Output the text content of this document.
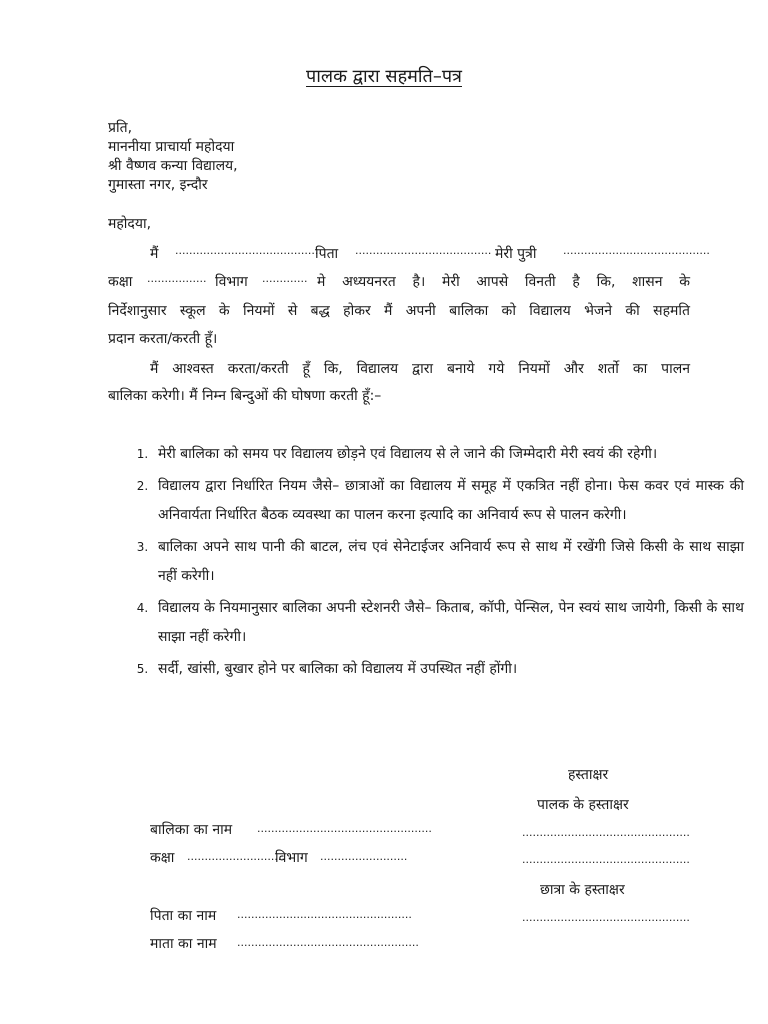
पालक द्वारा सहमति–पत्र
प्रति,
माननीया प्राचार्या महोदया
श्री वैष्णव कन्या विद्यालय,
गुमास्ता नगर, इन्दौर
महोदया,
मैं ..........................................
पिता ....................................... मेरी पुत्री ..........................................
कक्षा ................. विभाग ............. मे अध्ययनरत है। मेरी आपसे विनती है कि, शासन के
निर्देशानुसार स्कूल के नियमों से बद्ध होकर मैं अपनी बालिका को विद्यालय भेजने की सहमति
प्रदान करता/करती हूँ।
मैं आश्वस्त करता/करती हूँ कि, विद्यालय द्वारा बनाये गये नियमों और शर्तो का पालन
बालिका करेगी। मैं निम्न बिन्दुओं की घोषणा करती हूँ:–
1. मेरी बालिका को समय पर विद्यालय छोड़ने एवं विद्यालय से ले जाने की जिम्मेदारी मेरी स्वयं की रहेगी।
2. विद्यालय द्वारा निर्धारित नियम जैसे– छात्राओं का विद्यालय में समूह में एकत्रित नहीं होना। फेस कवर एवं मास्क की अनिवार्यता निर्धारित बैठक व्यवस्था का पालन करना इत्यादि का अनिवार्य रूप से पालन करेगी।
3. बालिका अपने साथ पानी की बाटल, लंच एवं सेनेटाईजर अनिवार्य रूप से साथ में रखेंगी जिसे किसी के साथ साझा नहीं करेगी।
4. विद्यालय के नियमानुसार बालिका अपनी स्टेशनरी जैसे– किताब, कॉपी, पेन्सिल, पेन स्वयं साथ जायेगी, किसी के साथ साझा नहीं करेगी।
5. सर्दी, खांसी, बुखार होने पर बालिका को विद्यालय में उपस्थित नहीं होंगी।
हस्ताक्षर
पालक के हस्ताक्षर
................................................
................................................
छात्रा के हस्ताक्षर
................................................
बालिका का नाम ..................................................
कक्षा ............................
विभाग .........................
पिता का नाम ..................................................
माता का नाम ....................................................
